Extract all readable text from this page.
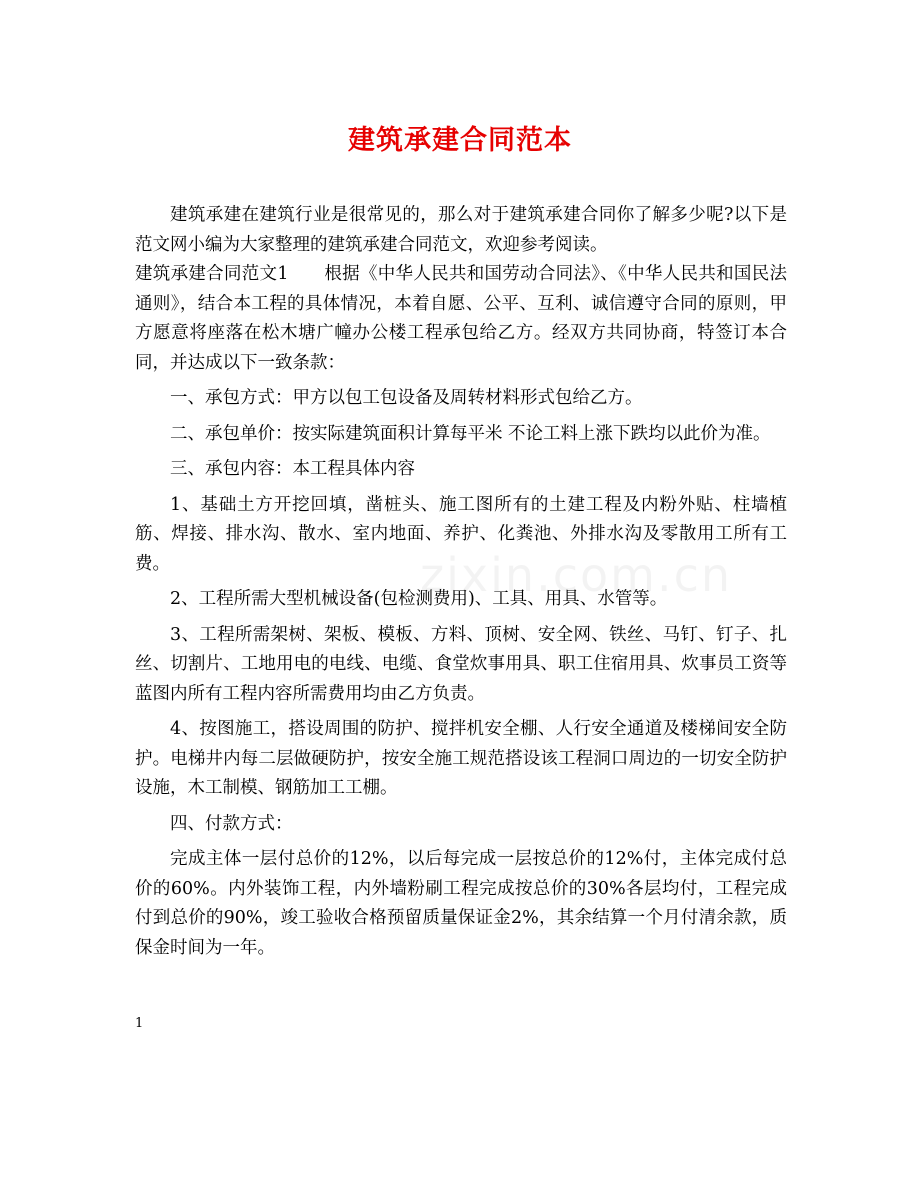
建筑承建合同范本

建筑承建在建筑行业是很常见的，那么对于建筑承建合同你了解多少呢?以下是范文网小编为大家整理的建筑承建合同范文，欢迎参考阅读。

建筑承建合同范文1　　根据《中华人民共和国劳动合同法》、《中华人民共和国民法通则》，结合本工程的具体情况，本着自愿、公平、互利、诚信遵守合同的原则，甲方愿意将座落在松木塘广幢办公楼工程承包给乙方。经双方共同协商，特签订本合同，并达成以下一致条款：

一、承包方式：甲方以包工包设备及周转材料形式包给乙方。

二、承包单价：按实际建筑面积计算每平米 不论工料上涨下跌均以此价为准。

三、承包内容：本工程具体内容

1、基础土方开挖回填，凿桩头、施工图所有的土建工程及内粉外贴、柱墙植筋、焊接、排水沟、散水、室内地面、养护、化粪池、外排水沟及零散用工所有工费。

2、工程所需大型机械设备(包检测费用)、工具、用具、水管等。

3、工程所需架树、架板、模板、方料、顶树、安全网、铁丝、马钉、钉子、扎丝、切割片、工地用电的电线、电缆、食堂炊事用具、职工住宿用具、炊事员工资等蓝图内所有工程内容所需费用均由乙方负责。

4、按图施工，搭设周围的防护、搅拌机安全棚、人行安全通道及楼梯间安全防护。电梯井内每二层做硬防护，按安全施工规范搭设该工程洞口周边的一切安全防护设施，木工制模、钢筋加工工棚。

四、付款方式：

完成主体一层付总价的12%，以后每完成一层按总价的12%付，主体完成付总价的60%。内外装饰工程，内外墙粉刷工程完成按总价的30%各层均付，工程完成付到总价的90%，竣工验收合格预留质量保证金2%，其余结算一个月付清余款，质保金时间为一年。

1
